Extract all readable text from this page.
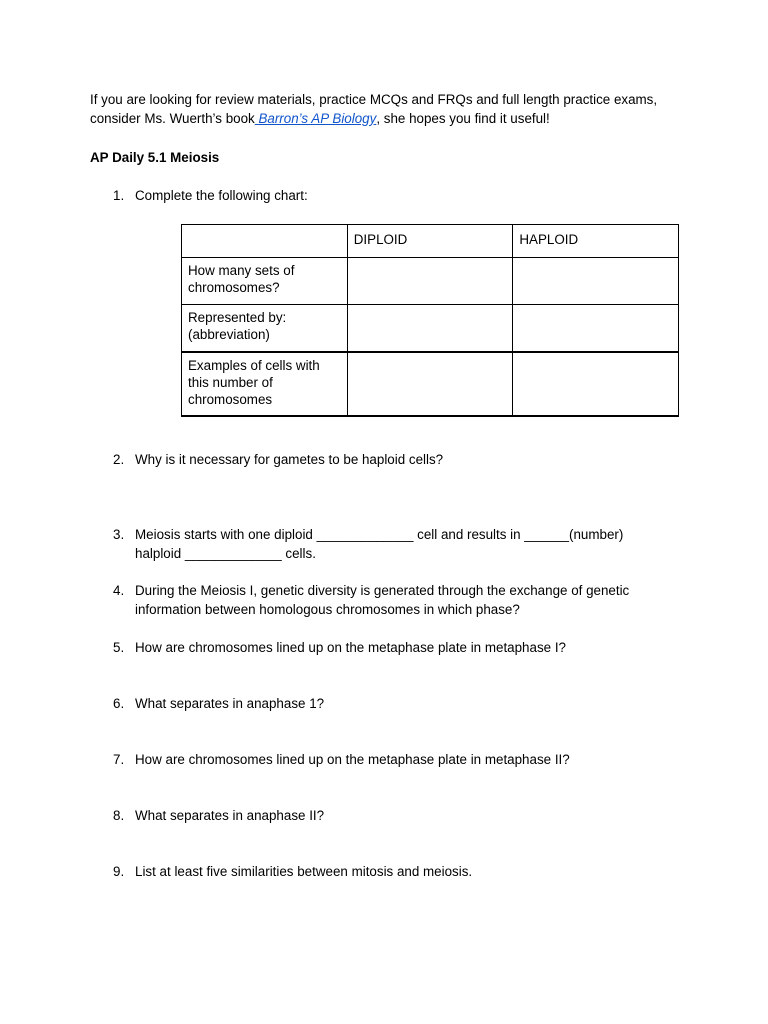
If you are looking for review materials, practice MCQs and FRQs and full length practice exams, consider Ms. Wuerth’s book Barron’s AP Biology, she hopes you find it useful!
AP Daily 5.1 Meiosis
1. Complete the following chart:
	DIPLOID	HAPLOID
How many sets of chromosomes?		
Represented by: (abbreviation)		
Examples of cells with this number of chromosomes		
2. Why is it necessary for gametes to be haploid cells?
3. Meiosis starts with one diploid _____________ cell and results in ______(number) halploid _____________ cells.
4. During the Meiosis I, genetic diversity is generated through the exchange of genetic information between homologous chromosomes in which phase?
5. How are chromosomes lined up on the metaphase plate in metaphase I?
6. What separates in anaphase 1?
7. How are chromosomes lined up on the metaphase plate in metaphase II?
8. What separates in anaphase II?
9. List at least five similarities between mitosis and meiosis.
